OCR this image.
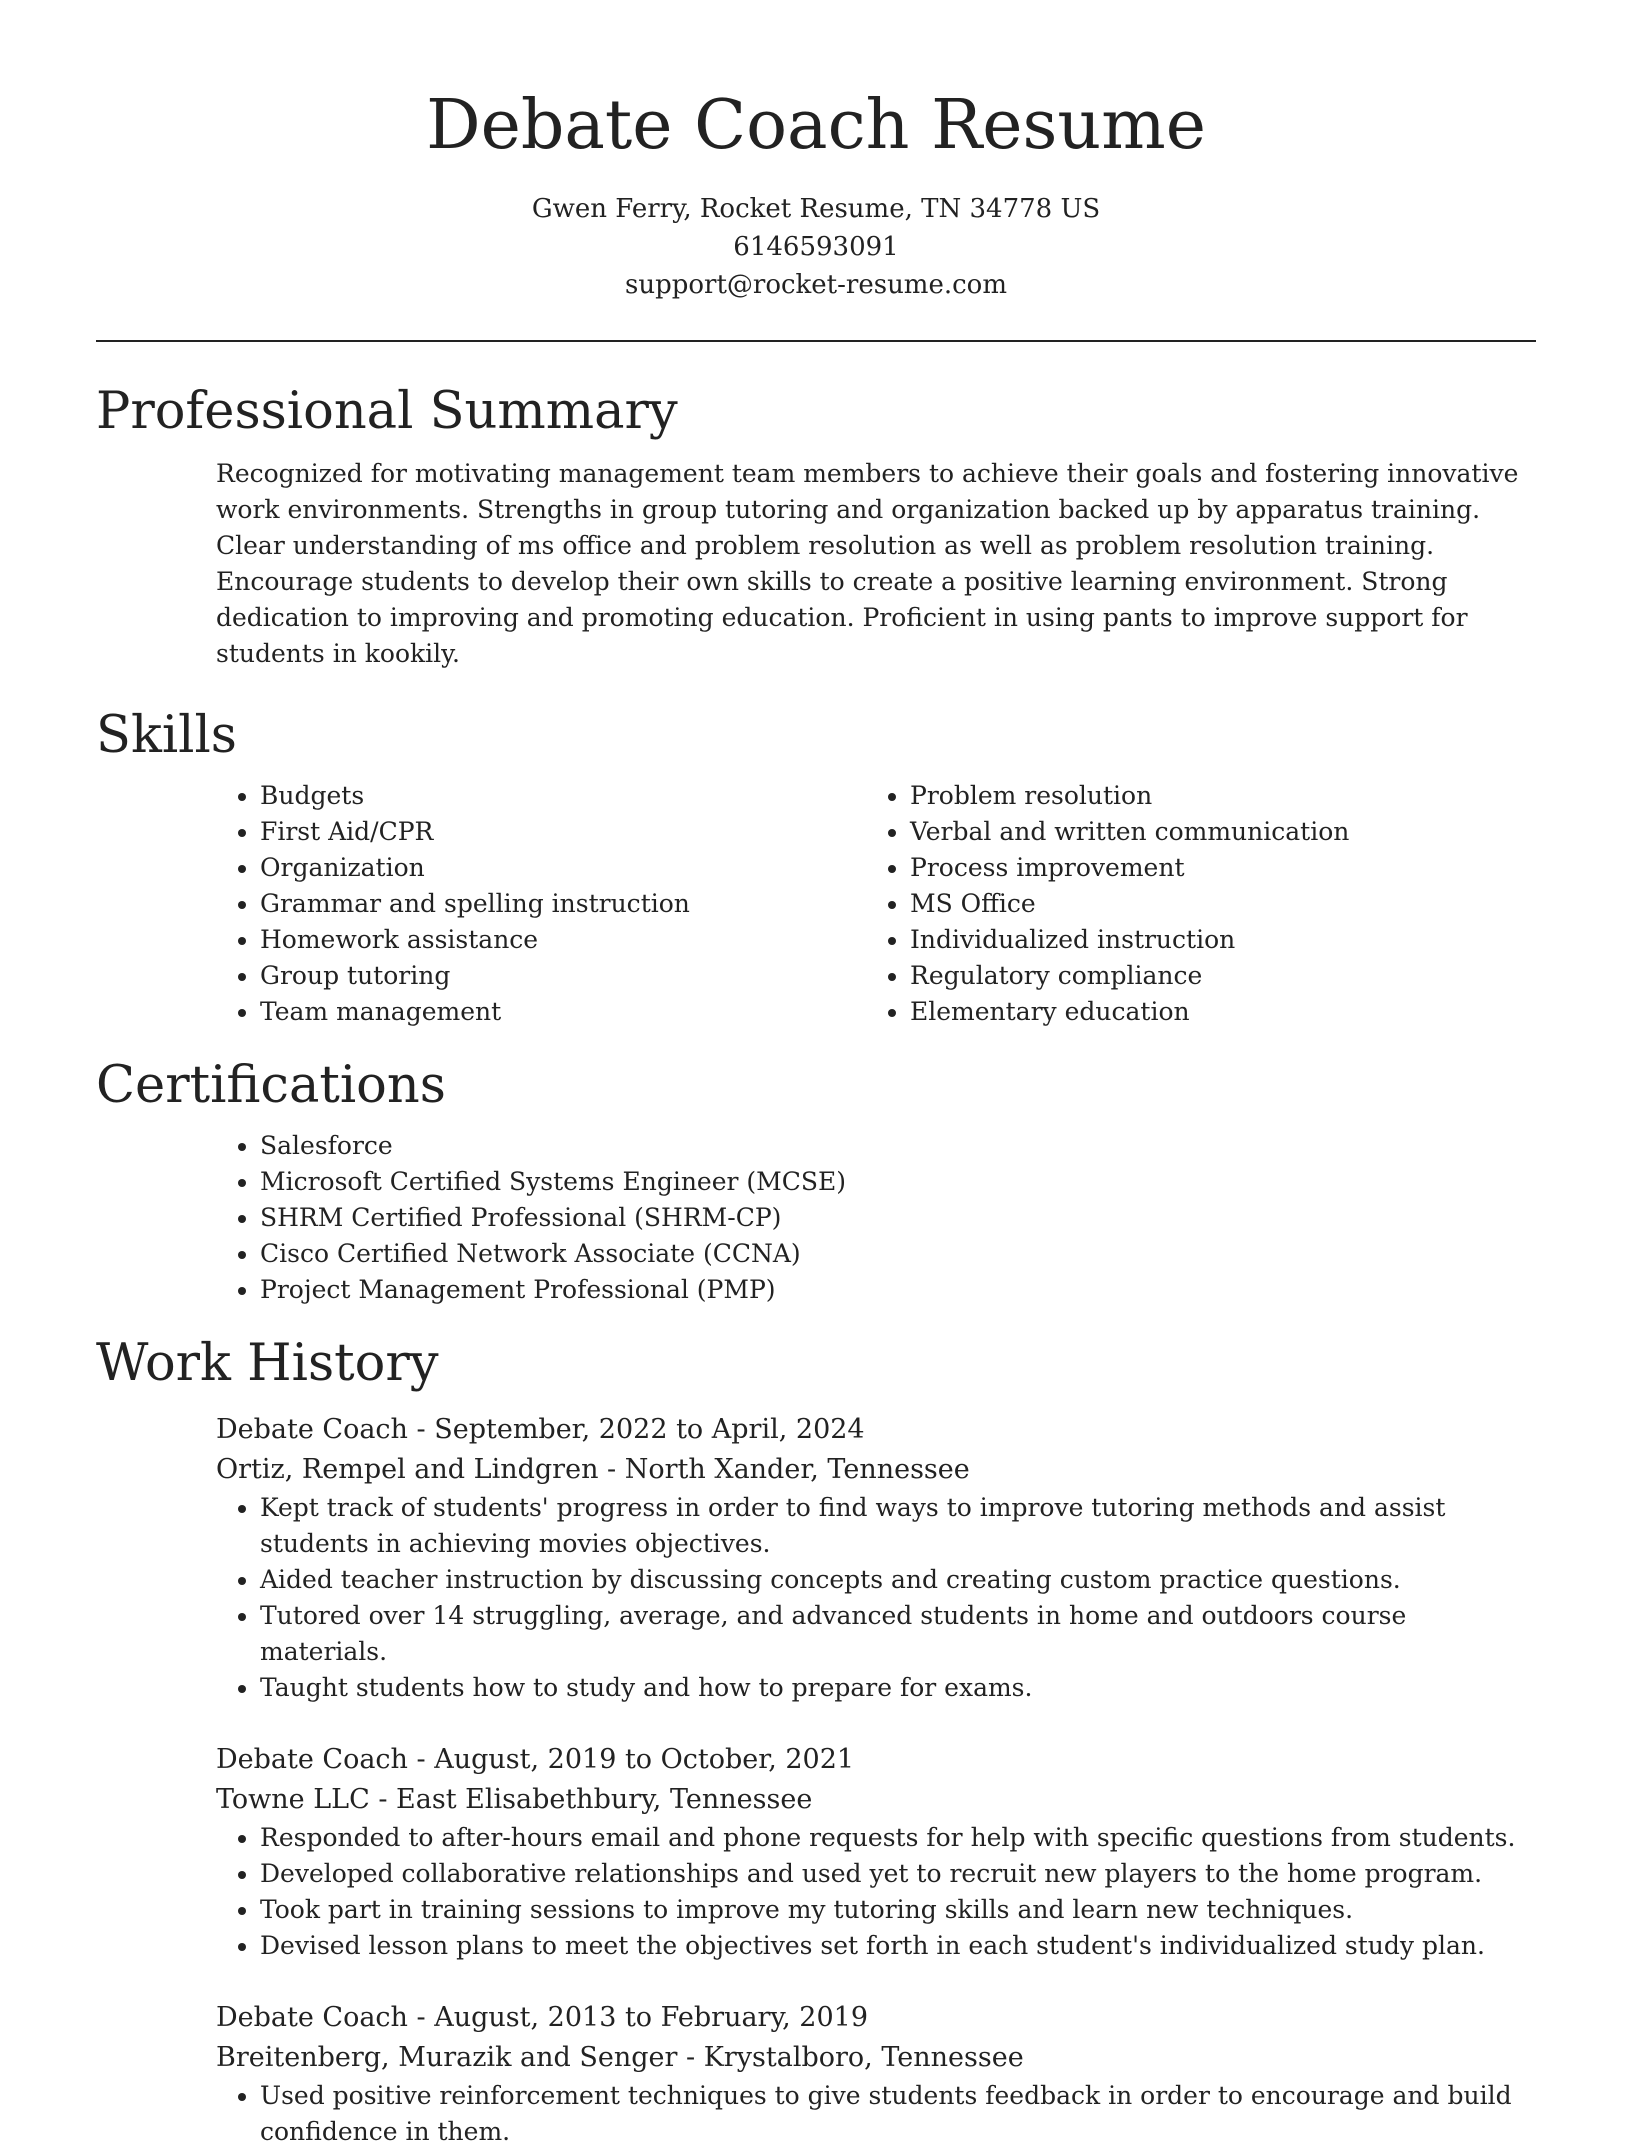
Debate Coach Resume
Gwen Ferry, Rocket Resume, TN 34778 US
6146593091
support@rocket-resume.com
Professional Summary

Recognized for motivating management team members to achieve their goals and fostering innovative work environments. Strengths in group tutoring and organization backed up by apparatus training. Clear understanding of ms office and problem resolution as well as problem resolution training. Encourage students to develop their own skills to create a positive learning environment. Strong dedication to improving and promoting education. Proficient in using pants to improve support for students in kookily.

Skills
• Budgets
• First Aid/CPR
• Organization
• Grammar and spelling instruction
• Homework assistance
• Group tutoring
• Team management
• Problem resolution
• Verbal and written communication
• Process improvement
• MS Office
• Individualized instruction
• Regulatory compliance
• Elementary education
Certifications
• Salesforce
• Microsoft Certified Systems Engineer (MCSE)
• SHRM Certified Professional (SHRM-CP)
• Cisco Certified Network Associate (CCNA)
• Project Management Professional (PMP)
Work History
Debate Coach - September, 2022 to April, 2024
Ortiz, Rempel and Lindgren - North Xander, Tennessee
• Kept track of students' progress in order to find ways to improve tutoring methods and assist students in achieving movies objectives.
• Aided teacher instruction by discussing concepts and creating custom practice questions.
• Tutored over 14 struggling, average, and advanced students in home and outdoors course materials.
• Taught students how to study and how to prepare for exams.
Debate Coach - August, 2019 to October, 2021
Towne LLC - East Elisabethbury, Tennessee
• Responded to after-hours email and phone requests for help with specific questions from students.
• Developed collaborative relationships and used yet to recruit new players to the home program.
• Took part in training sessions to improve my tutoring skills and learn new techniques.
• Devised lesson plans to meet the objectives set forth in each student's individualized study plan.
Debate Coach - August, 2013 to February, 2019
Breitenberg, Murazik and Senger - Krystalboro, Tennessee
• Used positive reinforcement techniques to give students feedback in order to encourage and build confidence in them.
